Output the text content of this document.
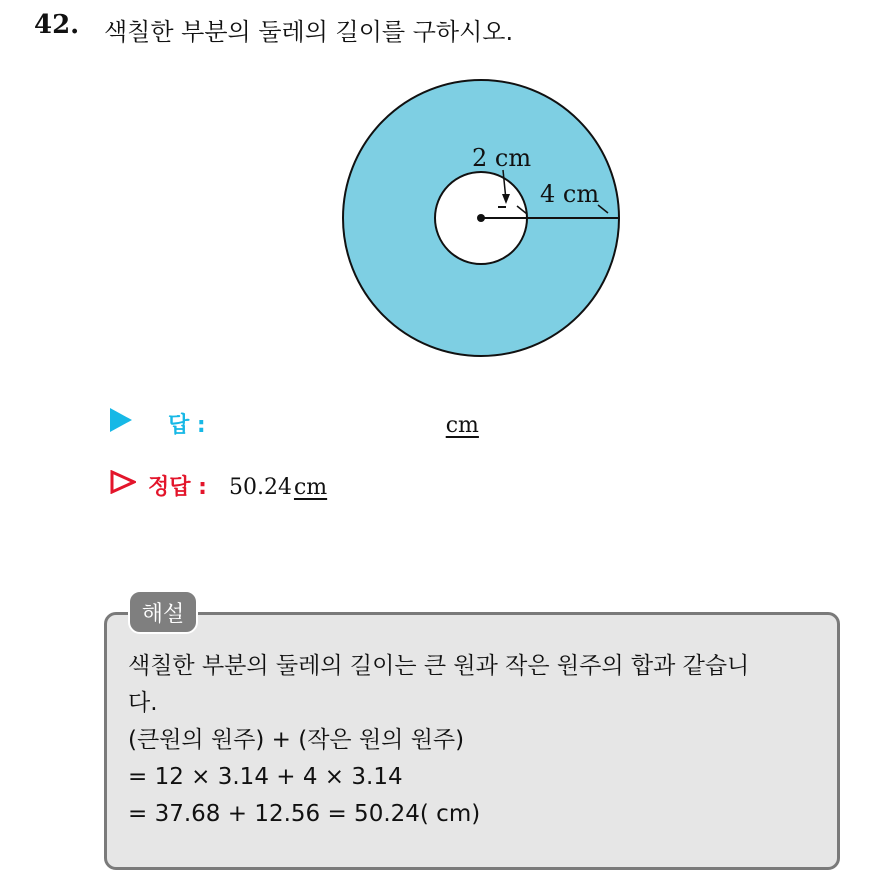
42. 색칠한 부분의 둘레의 길이를 구하시오.
2 cm
4 cm
답 :	cm
정답 : 50.24 cm
해설
색칠한 부분의 둘레의 길이는 큰 원과 작은 원주의 합과 같습니
다.
(큰원의 원주) + (작은 원의 원주)
= 12 × 3.14 + 4 × 3.14
= 37.68 + 12.56 = 50.24( cm)
